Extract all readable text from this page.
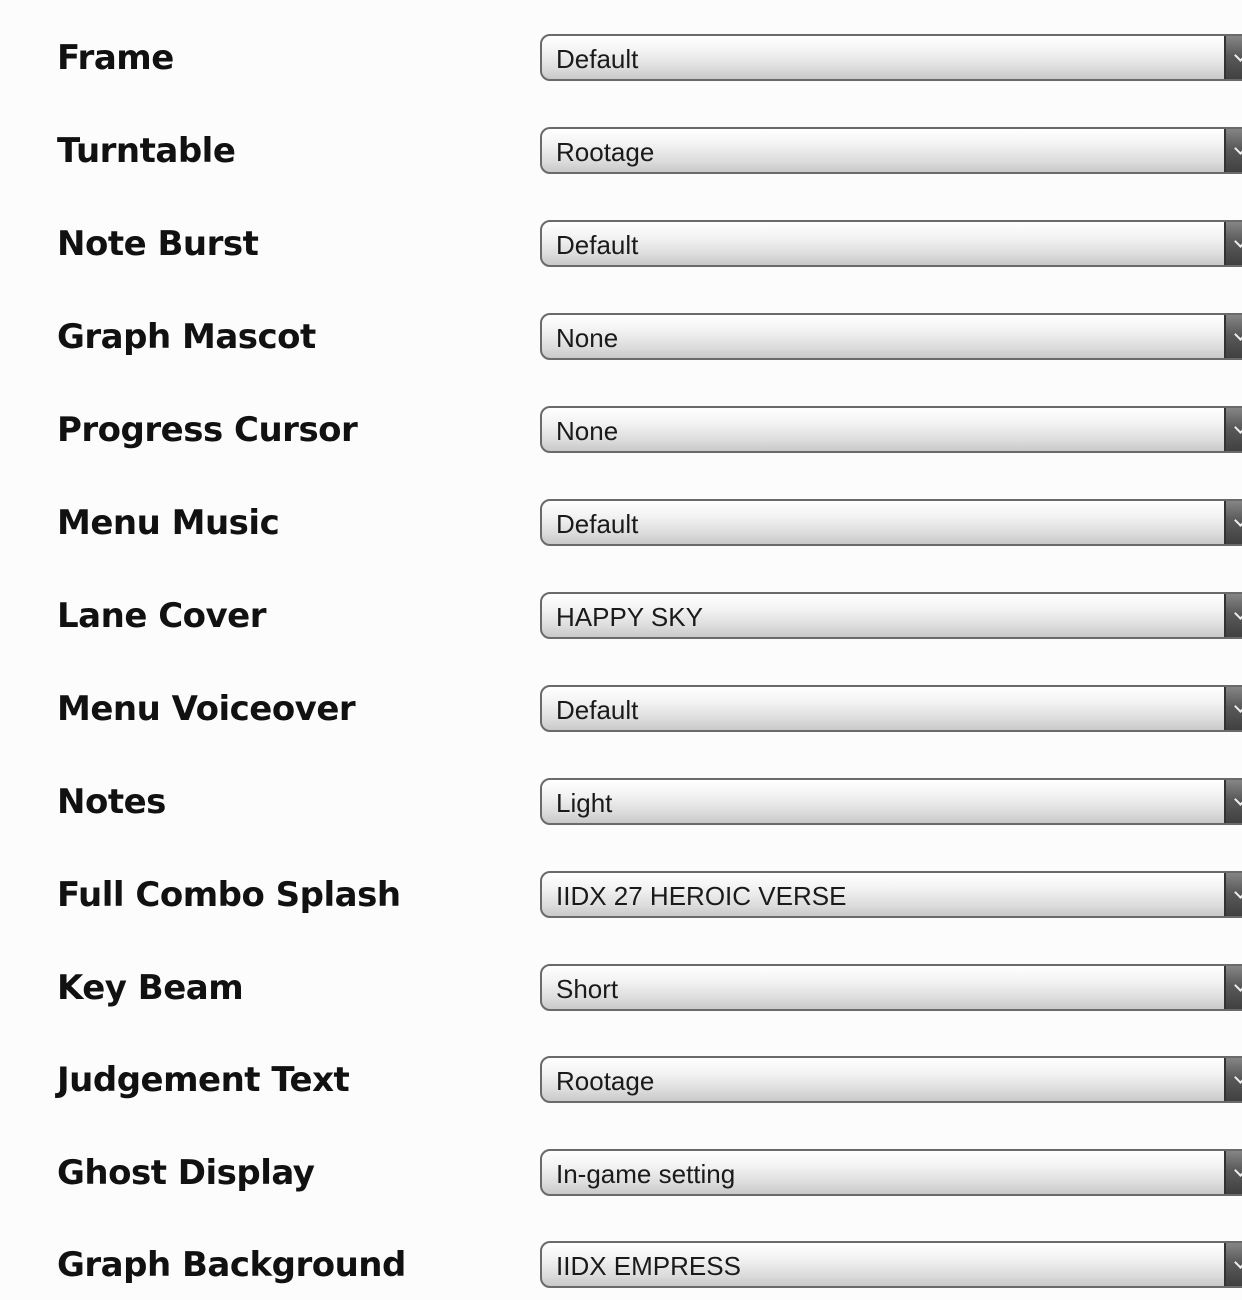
Frame	Default
Turntable	Rootage
Note Burst	Default
Graph Mascot	None
Progress Cursor	None
Menu Music	Default
Lane Cover	HAPPY SKY
Menu Voiceover	Default
Notes	Light
Full Combo Splash	IIDX 27 HEROIC VERSE
Key Beam	Short
Judgement Text	Rootage
Ghost Display	In-game setting
Graph Background	IIDX EMPRESS
